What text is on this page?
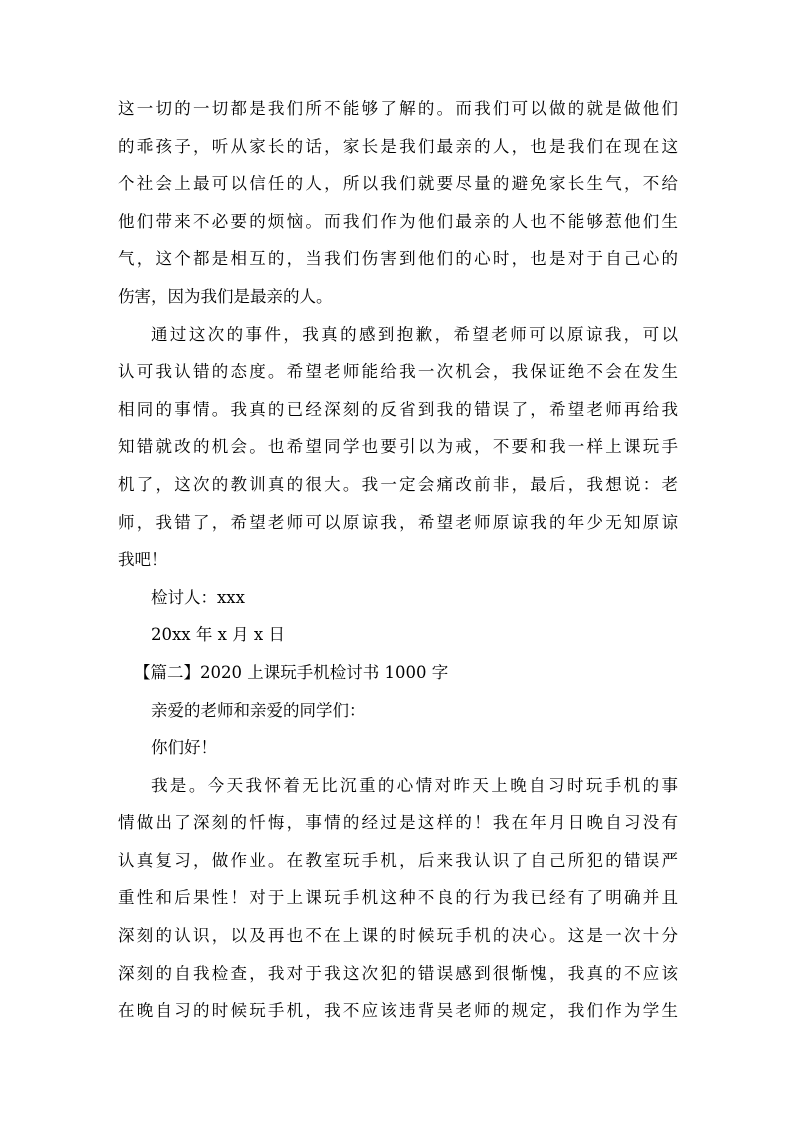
这一切的一切都是我们所不能够了解的。而我们可以做的就是做他们
的乖孩子，听从家长的话，家长是我们最亲的人，也是我们在现在这
个社会上最可以信任的人，所以我们就要尽量的避免家长生气，不给
他们带来不必要的烦恼。而我们作为他们最亲的人也不能够惹他们生
气，这个都是相互的，当我们伤害到他们的心时，也是对于自己心的
伤害，因为我们是最亲的人。
通过这次的事件，我真的感到抱歉，希望老师可以原谅我，可以
认可我认错的态度。希望老师能给我一次机会，我保证绝不会在发生
相同的事情。我真的已经深刻的反省到我的错误了，希望老师再给我
知错就改的机会。也希望同学也要引以为戒，不要和我一样上课玩手
机了，这次的教训真的很大。我一定会痛改前非，最后，我想说：老
师，我错了，希望老师可以原谅我，希望老师原谅我的年少无知原谅
我吧！
检讨人：xxx
20xx 年 x 月 x 日
【篇二】2020 上课玩手机检讨书 1000 字
亲爱的老师和亲爱的同学们：
你们好！
我是。今天我怀着无比沉重的心情对昨天上晚自习时玩手机的事
情做出了深刻的忏悔，事情的经过是这样的！我在年月日晚自习没有
认真复习，做作业。在教室玩手机，后来我认识了自己所犯的错误严
重性和后果性！对于上课玩手机这种不良的行为我已经有了明确并且
深刻的认识，以及再也不在上课的时候玩手机的决心。这是一次十分
深刻的自我检查，我对于我这次犯的错误感到很惭愧，我真的不应该
在晚自习的时候玩手机，我不应该违背吴老师的规定，我们作为学生
